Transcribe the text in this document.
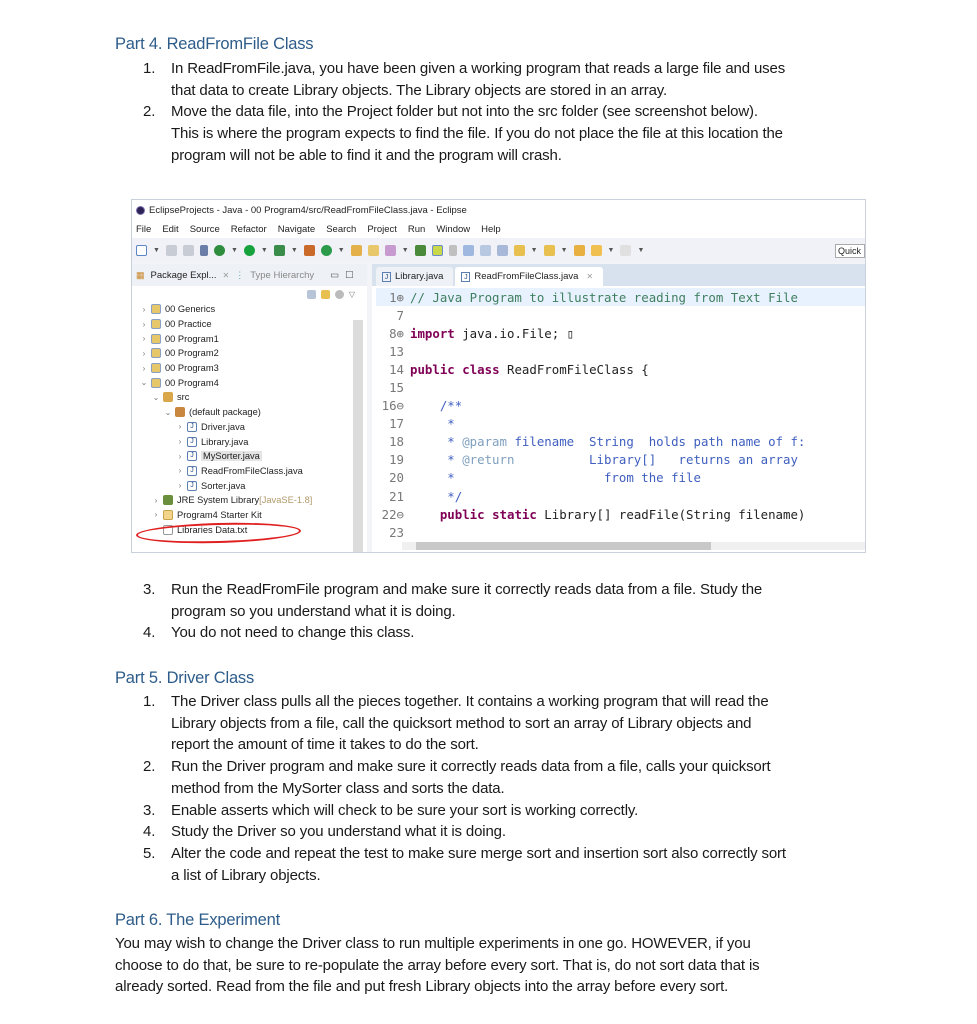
Part 4. ReadFromFile Class
1. In ReadFromFile.java, you have been given a working program that reads a large file and uses
that data to create Library objects. The Library objects are stored in an array.
2. Move the data file, into the Project folder but not into the src folder (see screenshot below).
This is where the program expects to find the file. If you do not place the file at this location the
program will not be able to find it and the program will crash.
EclipseProjects - Java - 00 Program4/src/ReadFromFileClass.java - Eclipse
File Edit Source Refactor Navigate Search Project Run Window Help
▼	▼	▼	▼	▼	▼	▼	▼	▼	▼	Quick
▦ Package Expl... ✕ ⋮ Type Hierarchy ▭ ☐
▽
› 00 Generics
› 00 Practice
› 00 Program1
› 00 Program2
› 00 Program3
⌄ 00 Program4
⌄ src
⌄ (default package)
›	J Driver.java
›	J Library.java
›	J MySorter.java
›	J ReadFromFileClass.java
›	J Sorter.java
› JRE System Library [JavaSE-1.8]
› Program4 Starter Kit
Libraries Data.txt
J Library.java	J ReadFromFileClass.java ✕
1⊕ // Java Program to illustrate reading from Text File
7
8⊕ import java.io.File; ▯
13
14 public class ReadFromFileClass {
15
16⊖	/**
17 *
18 * @param filename  String  holds path name of f:
19 * @return          Library[]   returns an array
20 *                    from the file
21 */
22⊖	public static Library[] readFile(String filename)
23
3. Run the ReadFromFile program and make sure it correctly reads data from a file. Study the
program so you understand what it is doing.
4. You do not need to change this class.
Part 5. Driver Class
1. The Driver class pulls all the pieces together. It contains a working program that will read the
Library objects from a file, call the quicksort method to sort an array of Library objects and
report the amount of time it takes to do the sort.
2. Run the Driver program and make sure it correctly reads data from a file, calls your quicksort
method from the MySorter class and sorts the data.
3. Enable asserts which will check to be sure your sort is working correctly.
4. Study the Driver so you understand what it is doing.
5. Alter the code and repeat the test to make sure merge sort and insertion sort also correctly sort
a list of Library objects.
Part 6. The Experiment
You may wish to change the Driver class to run multiple experiments in one go. HOWEVER, if you
choose to do that, be sure to re-populate the array before every sort. That is, do not sort data that is
already sorted. Read from the file and put fresh Library objects into the array before every sort.
